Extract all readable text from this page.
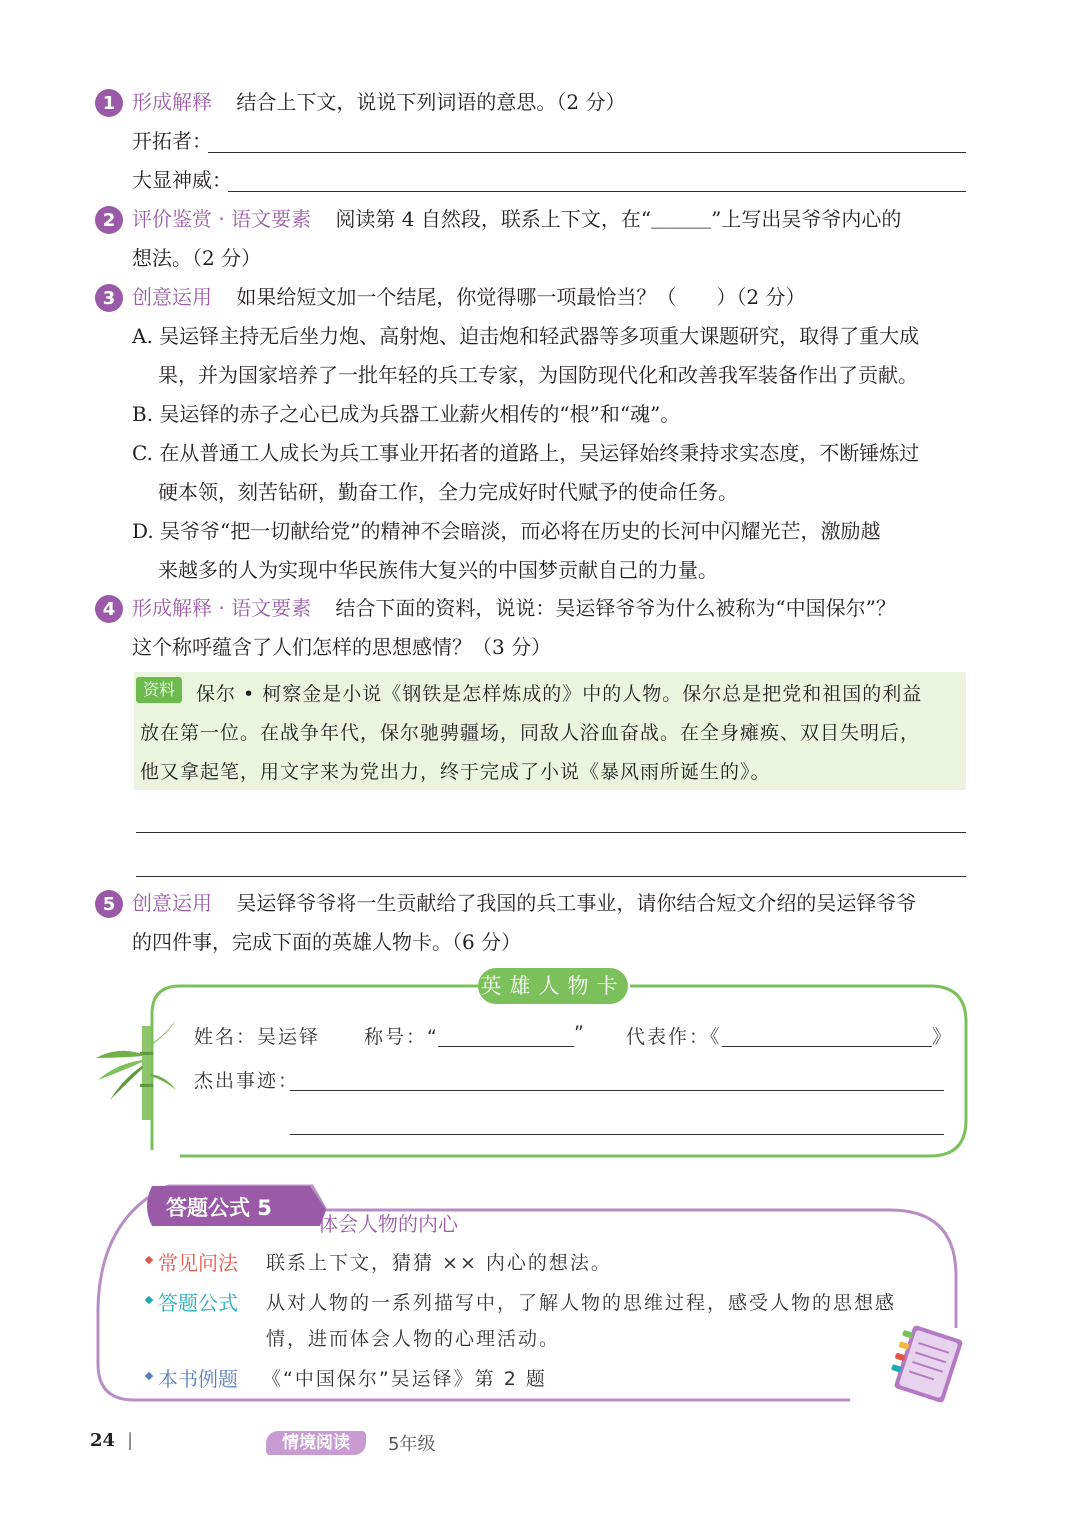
1 形成解释 结合上下文，说说下列词语的意思。（2 分）
开拓者：
大显神威：
2 评价鉴赏 · 语文要素 阅读第 4 自然段，联系上下文，在“＿＿＿”上写出吴爷爷内心的
想法。（2 分）
3 创意运用 如果给短文加一个结尾，你觉得哪一项最恰当？（　　）（2 分）
A. 吴运铎主持无后坐力炮、高射炮、迫击炮和轻武器等多项重大课题研究，取得了重大成
果，并为国家培养了一批年轻的兵工专家，为国防现代化和改善我军装备作出了贡献。
B. 吴运铎的赤子之心已成为兵器工业薪火相传的“根”和“魂”。
C. 在从普通工人成长为兵工事业开拓者的道路上，吴运铎始终秉持求实态度，不断锤炼过
硬本领，刻苦钻研，勤奋工作，全力完成好时代赋予的使命任务。
D. 吴爷爷“把一切献给党”的精神不会暗淡，而必将在历史的长河中闪耀光芒，激励越
来越多的人为实现中华民族伟大复兴的中国梦贡献自己的力量。
4 形成解释 · 语文要素 结合下面的资料，说说：吴运铎爷爷为什么被称为“中国保尔”？
这个称呼蕴含了人们怎样的思想感情？（3 分）
资料	保尔 • 柯察金是小说《钢铁是怎样炼成的》中的人物。保尔总是把党和祖国的利益
放在第一位。在战争年代，保尔驰骋疆场，同敌人浴血奋战。在全身瘫痪、双目失明后，
他又拿起笔，用文字来为党出力，终于完成了小说《暴风雨所诞生的》。
5 创意运用 吴运铎爷爷将一生贡献给了我国的兵工事业，请你结合短文介绍的吴运铎爷爷
的四件事，完成下面的英雄人物卡。（6 分）
英雄人物卡
姓名：吴运铎 称号：“	” 代表作：《	》
杰出事迹：
答题公式 5
体会人物的内心
常见问法 联系上下文，猜猜 ×× 内心的想法。
答题公式 从对人物的一系列描写中，了解人物的思维过程，感受人物的思想感
情，进而体会人物的心理活动。
本书例题 《“中国保尔”吴运铎》第 2 题
24 |	情境阅读	5年级
